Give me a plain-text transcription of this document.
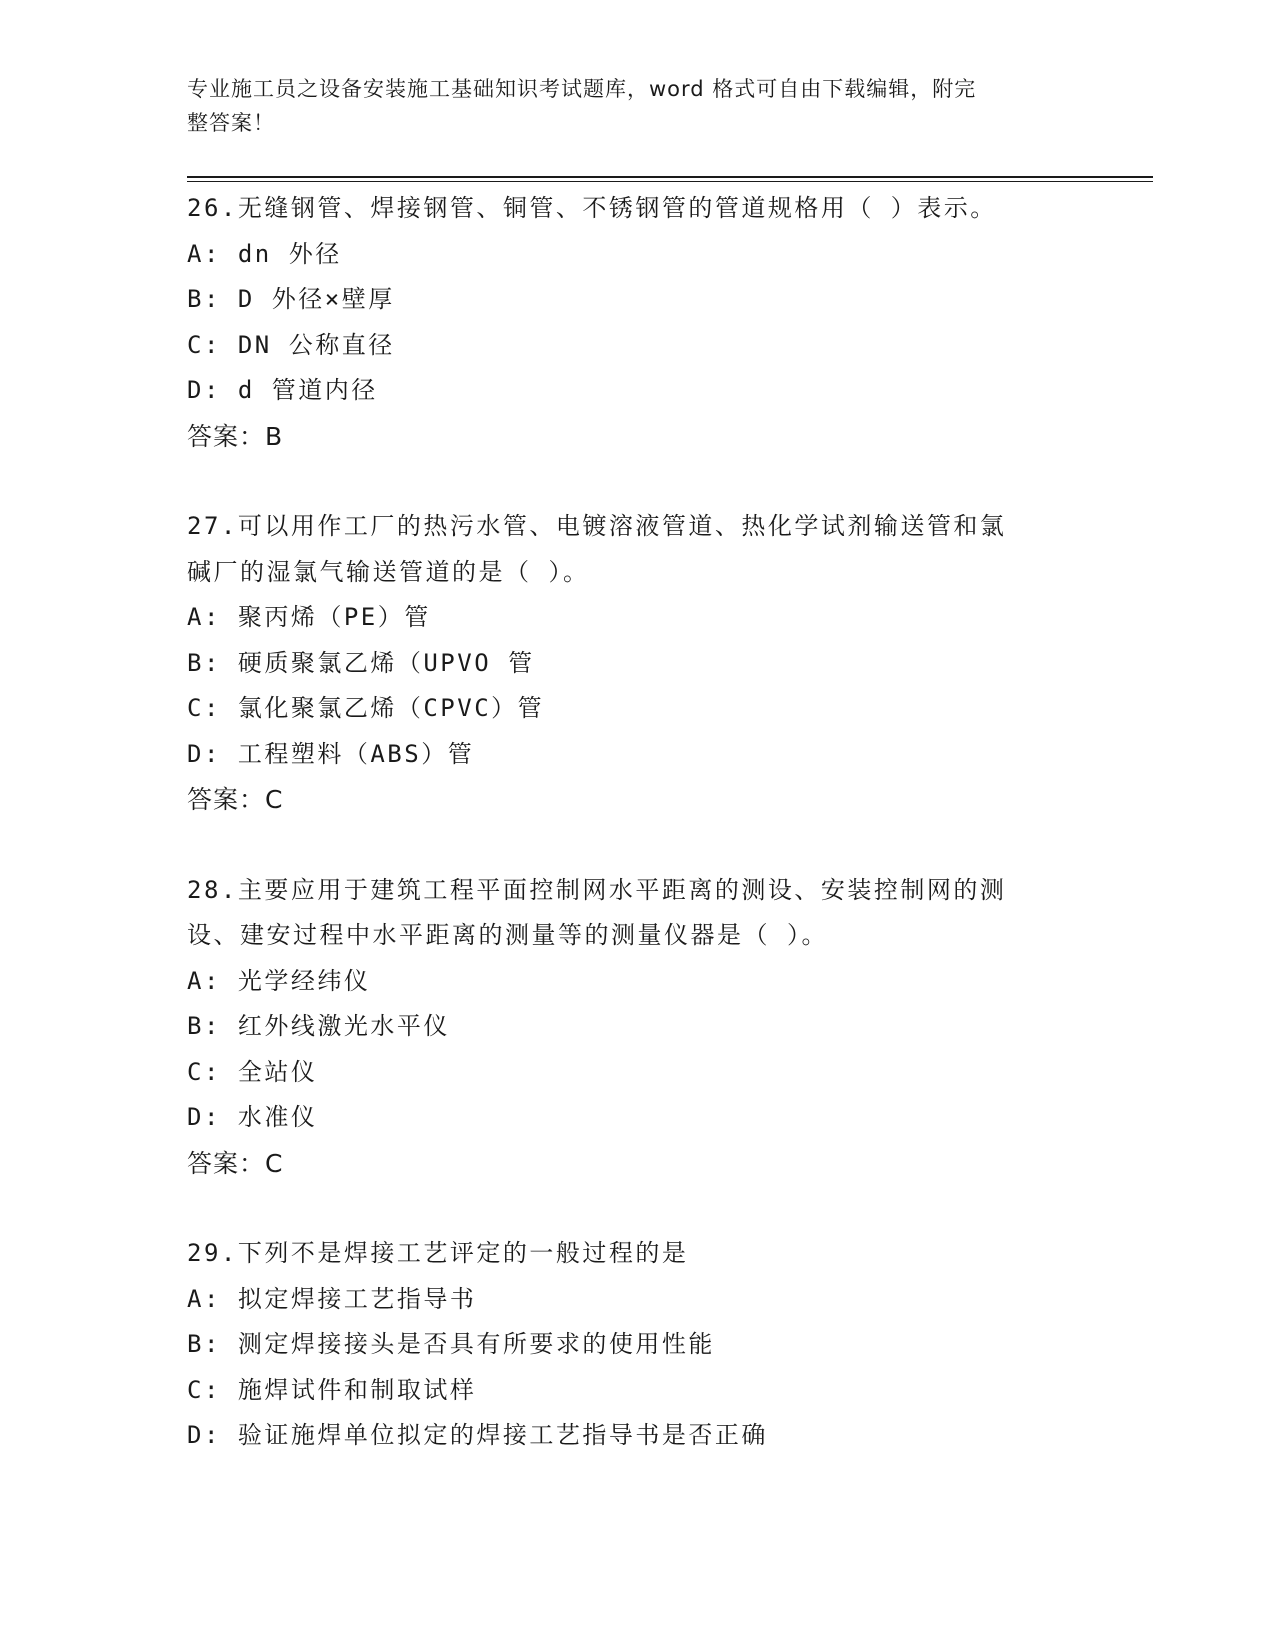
专业施工员之设备安装施工基础知识考试题库，word 格式可自由下载编辑，附完
整答案！
26.无缝钢管、焊接钢管、铜管、不锈钢管的管道规格用（ ）表示。
A: dn 外径
B: D 外径×壁厚
C: DN 公称直径
D: d 管道内径
答案：B
27.可以用作工厂的热污水管、电镀溶液管道、热化学试剂输送管和氯
碱厂的湿氯气输送管道的是（ ）。
A: 聚丙烯（PE）管
B: 硬质聚氯乙烯（UPVO 管
C: 氯化聚氯乙烯（CPVC）管
D: 工程塑料（ABS）管
答案：C
28.主要应用于建筑工程平面控制网水平距离的测设、安装控制网的测
设、建安过程中水平距离的测量等的测量仪器是（ ）。
A: 光学经纬仪
B: 红外线激光水平仪
C: 全站仪
D: 水准仪
答案：C
29.下列不是焊接工艺评定的一般过程的是
A: 拟定焊接工艺指导书
B: 测定焊接接头是否具有所要求的使用性能
C: 施焊试件和制取试样
D: 验证施焊单位拟定的焊接工艺指导书是否正确
